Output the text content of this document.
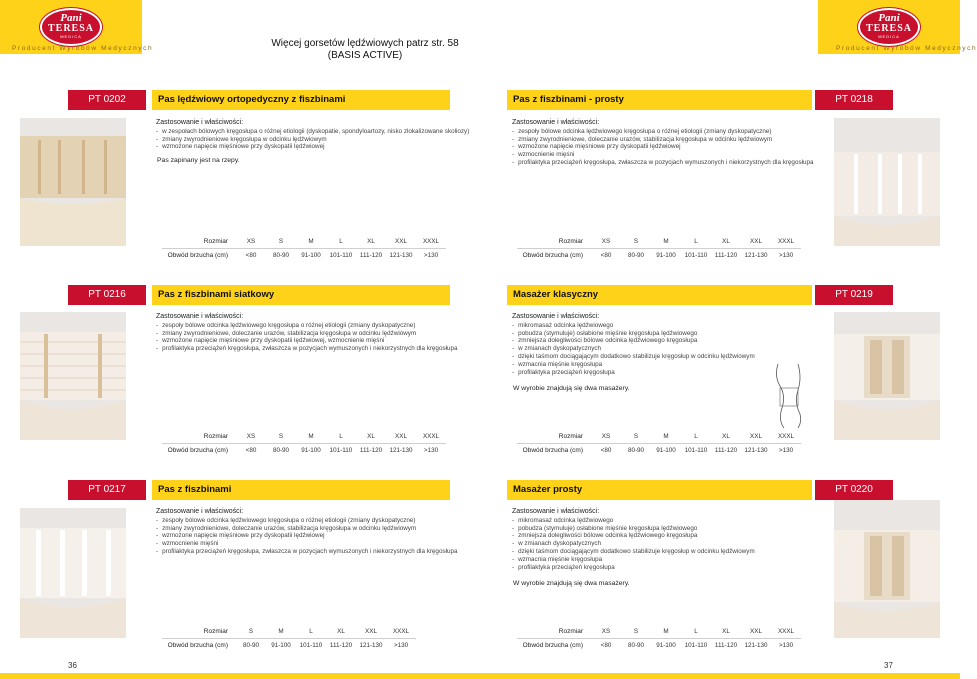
Pani
TERESA
MEDICA
Producent Wyrobów Medycznych
Pani
TERESA
MEDICA
Producent Wyrobów Medycznych
Więcej gorsetów lędźwiowych patrz str. 58
(BASIS ACTIVE)
PT 0202	Pas lędźwiowy ortopedyczny z fiszbinami
Zastosowanie i właściwości:
- w zespołach bólowych kręgosłupa o różnej etiologii (dyskopatie, spondyloartozy, nisko zlokalizowane skoliozy)
- zmiany zwyrodnieniowe kręgosłupa w odcinku lędźwiowym
- wzmożone napięcie mięśniowe przy dyskopatii lędźwiowej
Pas zapinany jest na rzepy.
Rozmiar	XS	S	M	L	XL	XXL	XXXL
Obwód brzucha (cm)	<80	80-90	91-100	101-110	111-120	121-130	>130
Pas z fiszbinami - prosty	PT 0218
Zastosowanie i właściwości:
- zespoły bólowe odcinka lędźwiowego kręgosłupa o różnej etiologii (zmiany dyskopatyczne)
- zmiany zwyrodnieniowe, doleczanie urazów, stabilizacja kręgosłupa w odcinku lędźwiowym
- wzmożone napięcie mięśniowe przy dyskopatii lędźwiowej
- wzmocnienie mięśni
- profilaktyka przeciążeń kręgosłupa, zwłaszcza w pozycjach wymuszonych i niekorzystnych dla kręgosłupa
Rozmiar	XS	S	M	L	XL	XXL	XXXL
Obwód brzucha (cm)	<80	80-90	91-100	101-110	111-120	121-130	>130
PT 0216	Pas z fiszbinami siatkowy
Zastosowanie i właściwości:
- zespoły bólowe odcinka lędźwiowego kręgosłupa o różnej etiologii (zmiany dyskopatyczne)
- zmiany zwyrodnieniowe, doleczanie urazów, stabilizacja kręgosłupa w odcinku lędźwiowym
- wzmożone napięcie mięśniowe przy dyskopatii lędźwiowej, wzmocnienie mięśni
- profilaktyka przeciążeń kręgosłupa, zwłaszcza w pozycjach wymuszonych i niekorzystnych dla kręgosłupa
Rozmiar	XS	S	M	L	XL	XXL	XXXL
Obwód brzucha (cm)	<80	80-90	91-100	101-110	111-120	121-130	>130
Masażer klasyczny	PT 0219
Zastosowanie i właściwości:
- mikromasaż odcinka lędźwiowego
- pobudza (stymuluje) osłabione mięśnie kręgosłupa lędźwiowego
- zmniejsza dolegliwości bólowe odcinka lędźwiowego kręgosłupa
- w zmianach dyskopatycznych
- dzięki taśmom dociągającym dodatkowo stabilizuje kręgosłup w odcinku lędźwiowym
- wzmacnia mięśnie kręgosłupa
- profilaktyka przeciążeń kręgosłupa
W wyrobie znajdują się dwa masażery.
Rozmiar	XS	S	M	L	XL	XXL	XXXL
Obwód brzucha (cm)	<80	80-90	91-100	101-110	111-120	121-130	>130
PT 0217	Pas z fiszbinami
Zastosowanie i właściwości:
- zespoły bólowe odcinka lędźwiowego kręgosłupa o różnej etiologii (zmiany dyskopatyczne)
- zmiany zwyrodnieniowe, doleczanie urazów, stabilizacja kręgosłupa w odcinku lędźwiowym
- wzmożone napięcie mięśniowe przy dyskopatii lędźwiowej
- wzmocnienie mięśni
- profilaktyka przeciążeń kręgosłupa, zwłaszcza w pozycjach wymuszonych i niekorzystnych dla kręgosłupa
Rozmiar	S	M	L	XL	XXL	XXXL
Obwód brzucha (cm)	80-90	91-100	101-110	111-120	121-130	>130
Masażer prosty	PT 0220
Zastosowanie i właściwości:
- mikromasaż odcinka lędźwiowego
- pobudza (stymuluje) osłabione mięśnie kręgosłupa lędźwiowego
- zmniejsza dolegliwości bólowe odcinka lędźwiowego kręgosłupa
- w zmianach dyskopatycznych
- dzięki taśmom dociągającym dodatkowo stabilizuje kręgosłup w odcinku lędźwiowym
- wzmacnia mięśnie kręgosłupa
- profilaktyka przeciążeń kręgosłupa
W wyrobie znajdują się dwa masażery.
Rozmiar	XS	S	M	L	XL	XXL	XXXL
Obwód brzucha (cm)	<80	80-90	91-100	101-110	111-120	121-130	>130
36	37
